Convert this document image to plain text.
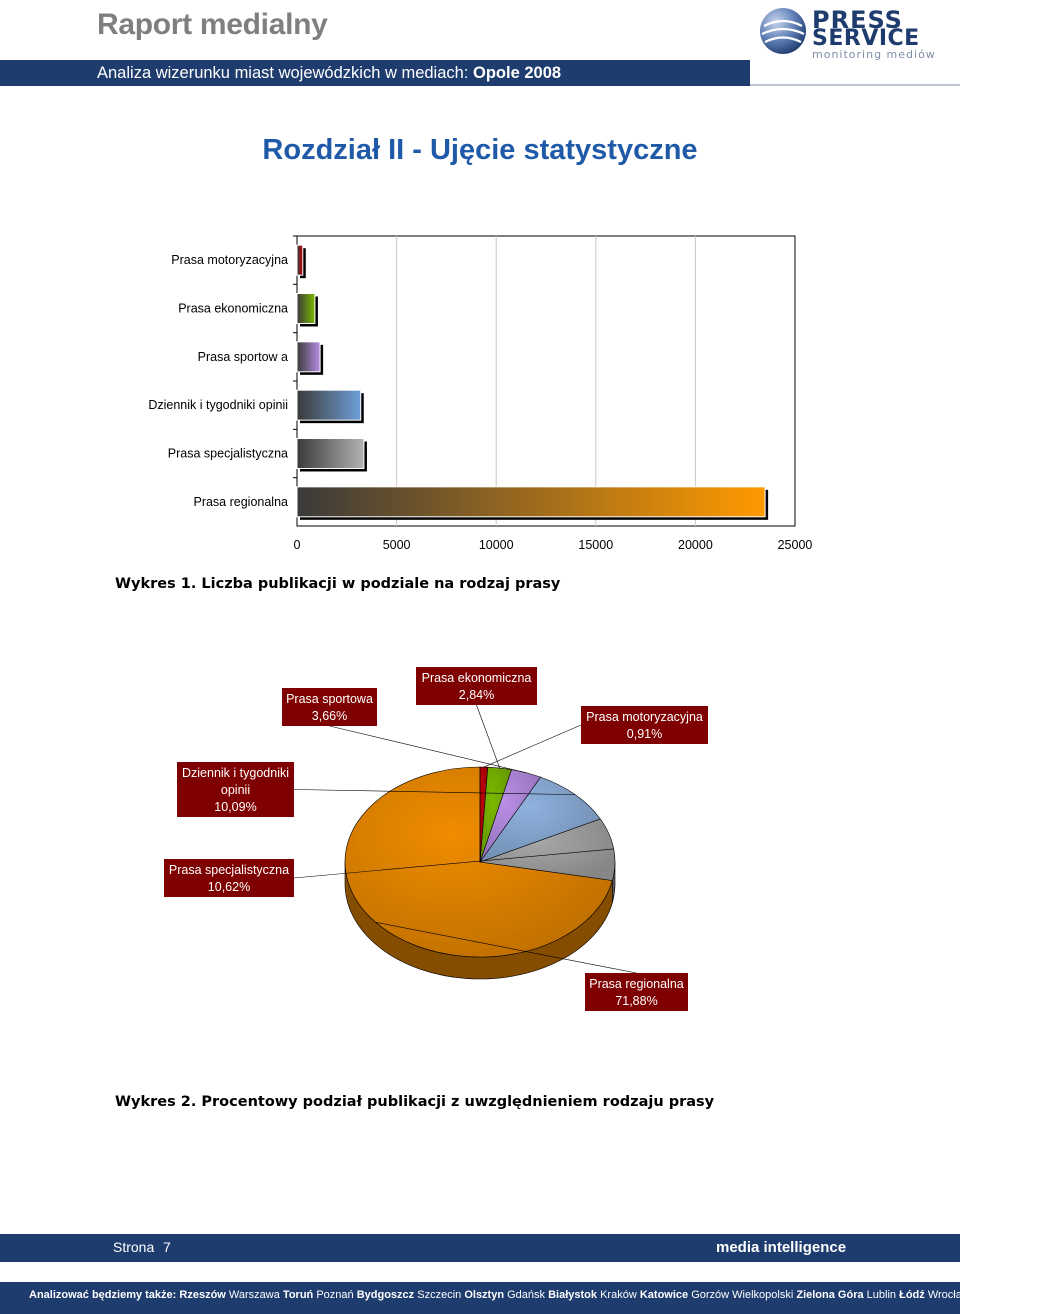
Raport medialny	PRESS
SERVICE
monitoring mediów
Analiza wizerunku miast wojewódzkich w mediach: Opole 2008
Rozdział II - Ujęcie statystyczne
0	5000	10000	15000	20000	25000
Prasa motoryzacyjna
Prasa ekonomiczna
Prasa sportow a
Dziennik i tygodniki opinii
Prasa specjalistyczna
Prasa regionalna
Wykres 1. Liczba publikacji w podziale na rodzaj prasy
Prasa regionalna
71,88%
Prasa specjalistyczna
10,62%
Dziennik i tygodniki
opinii
10,09%
Prasa sportowa
3,66%
Prasa ekonomiczna
2,84%
Prasa motoryzacyjna
0,91%
Wykres 2. Procentowy podział publikacji z uwzględnieniem rodzaju prasy
Strona 7	media intelligence
Analizować będziemy także: Rzeszów Warszawa Toruń Poznań Bydgoszcz Szczecin Olsztyn Gdańsk Białystok Kraków Katowice Gorzów Wielkopolski Zielona Góra Lublin Łódź Wrocław Opole Kielce
